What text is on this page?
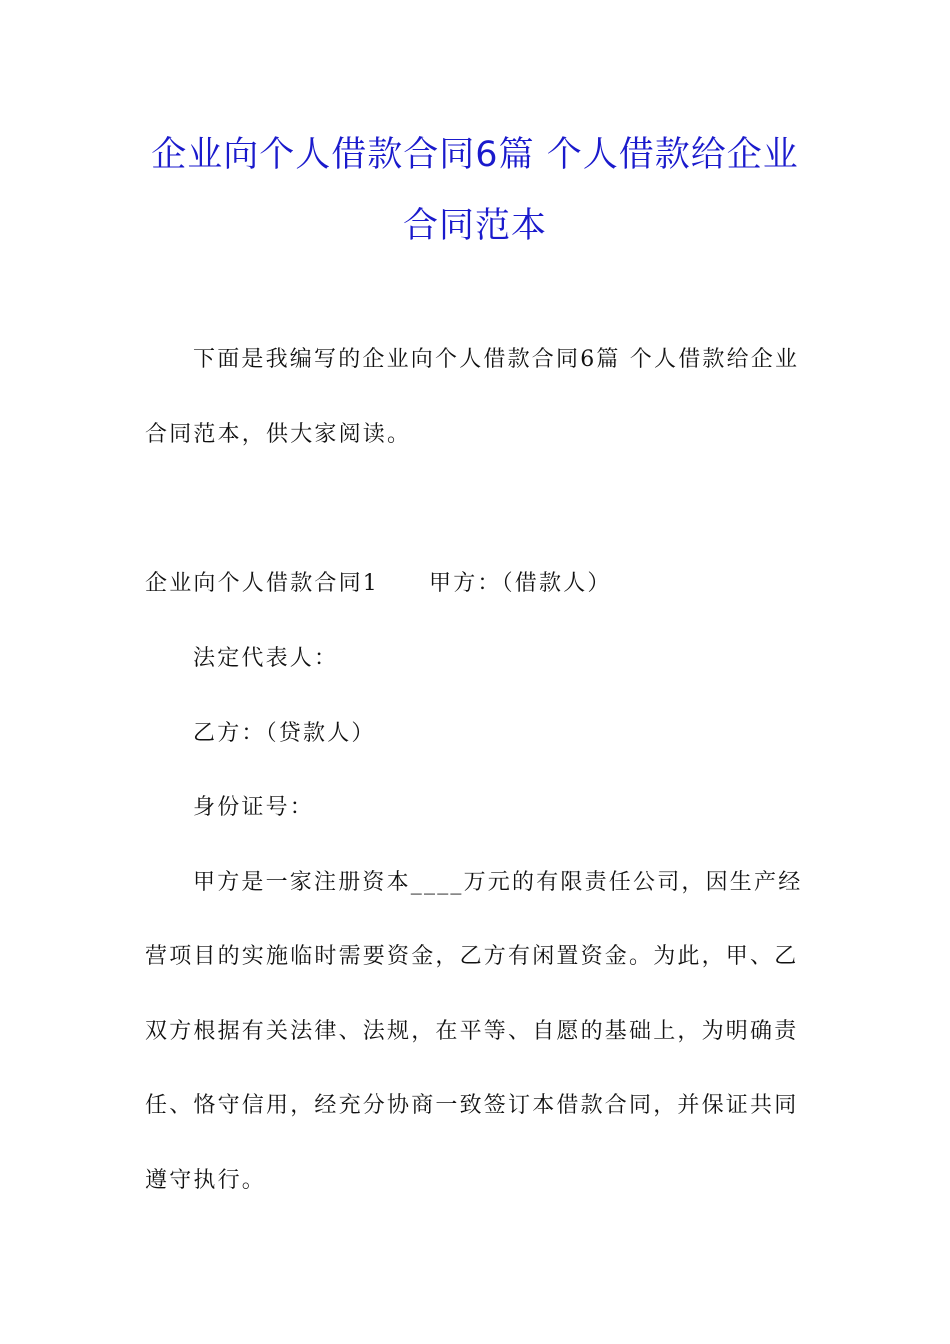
企业向个人借款合同6篇 个人借款给企业
合同范本
下面是我编写的企业向个人借款合同6篇 个人借款给企业
合同范本，供大家阅读。
企业向个人借款合同1 甲方：（借款人）
法定代表人：
乙方：（贷款人）
身份证号：
甲方是一家注册资本____万元的有限责任公司，因生产经
营项目的实施临时需要资金，乙方有闲置资金。为此，甲、乙
双方根据有关法律、法规，在平等、自愿的基础上，为明确责
任、恪守信用，经充分协商一致签订本借款合同，并保证共同
遵守执行。
